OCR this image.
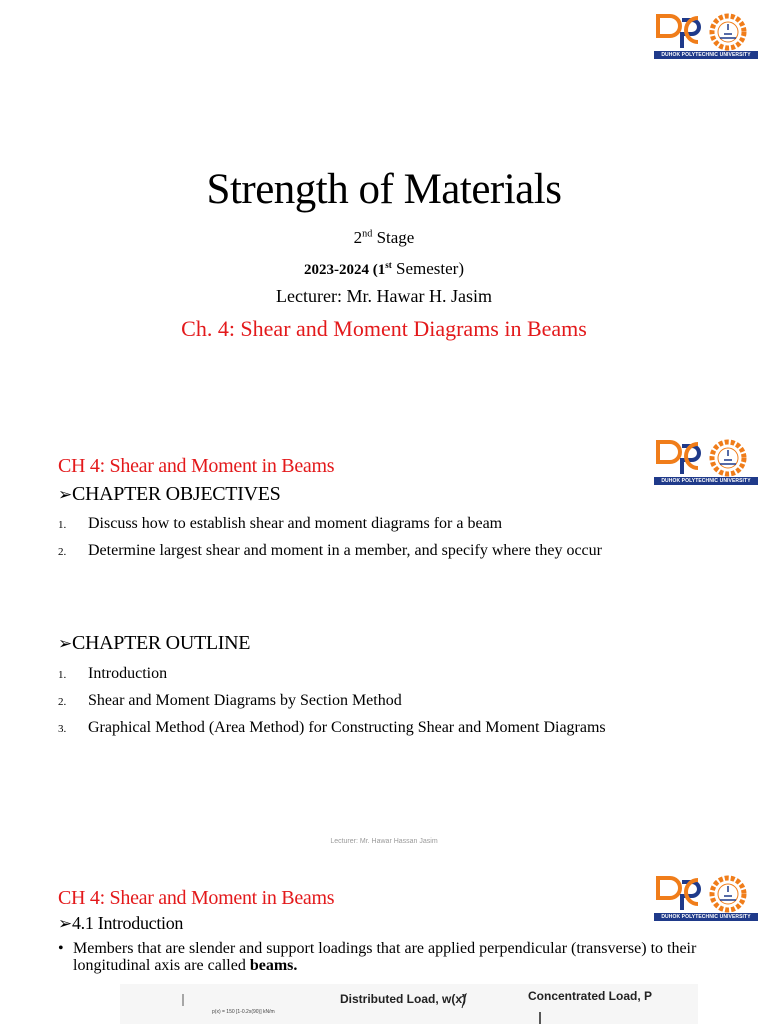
DUHOK POLYTECHNIC UNIVERSITY
Strength of Materials
2nd Stage
2023-2024 (1st Semester)
Lecturer: Mr. Hawar H. Jasim
Ch. 4: Shear and Moment Diagrams in Beams
DUHOK POLYTECHNIC UNIVERSITY
CH 4: Shear and Moment in Beams
➢CHAPTER OBJECTIVES
1. Discuss how to establish shear and moment diagrams for a beam
2. Determine largest shear and moment in a member, and specify where they occur
➢CHAPTER OUTLINE
1. Introduction
2. Shear and Moment Diagrams by Section Method
3. Graphical Method (Area Method) for Constructing Shear and Moment Diagrams
Lecturer: Mr. Hawar Hassan Jasim
DUHOK POLYTECHNIC UNIVERSITY
CH 4: Shear and Moment in Beams
➢4.1 Introduction
• Members that are slender and support loadings that are applied perpendicular (transverse) to their longitudinal axis are called beams.
p(x) = 150 [1-0.2x(90)] kN/m
Distributed Load, w(x)	Concentrated Load, P
